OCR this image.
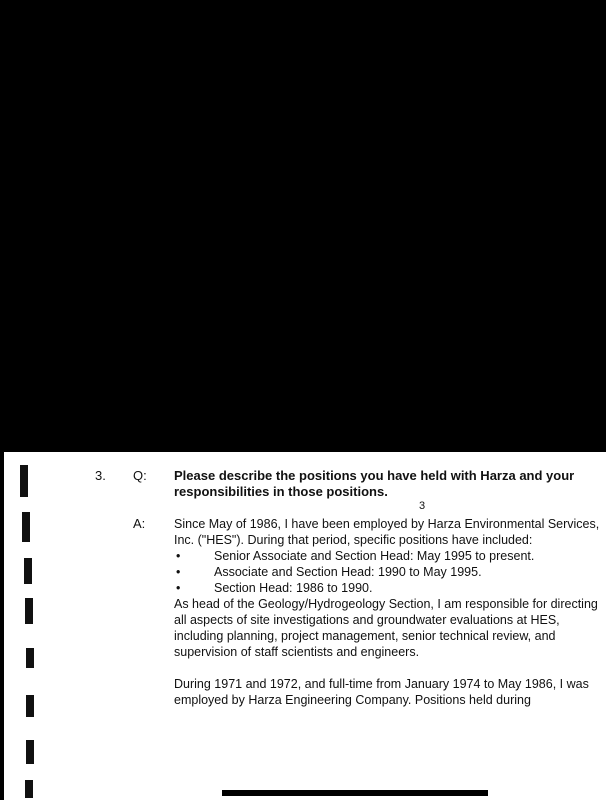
3. Q: Please describe the positions you have held with Harza and your responsibilities in those positions.
3
A: Since May of 1986, I have been employed by Harza Environmental Services, Inc. ("HES"). During that period, specific positions have included:

•	Senior Associate and Section Head: May 1995 to present.
•	Associate and Section Head: 1990 to May 1995.
•	Section Head: 1986 to 1990.

As head of the Geology/Hydrogeology Section, I am responsible for directing all aspects of site investigations and groundwater evaluations at HES, including planning, project management, senior technical review, and supervision of staff scientists and engineers.

During 1971 and 1972, and full-time from January 1974 to May 1986, I was employed by Harza Engineering Company. Positions held during
